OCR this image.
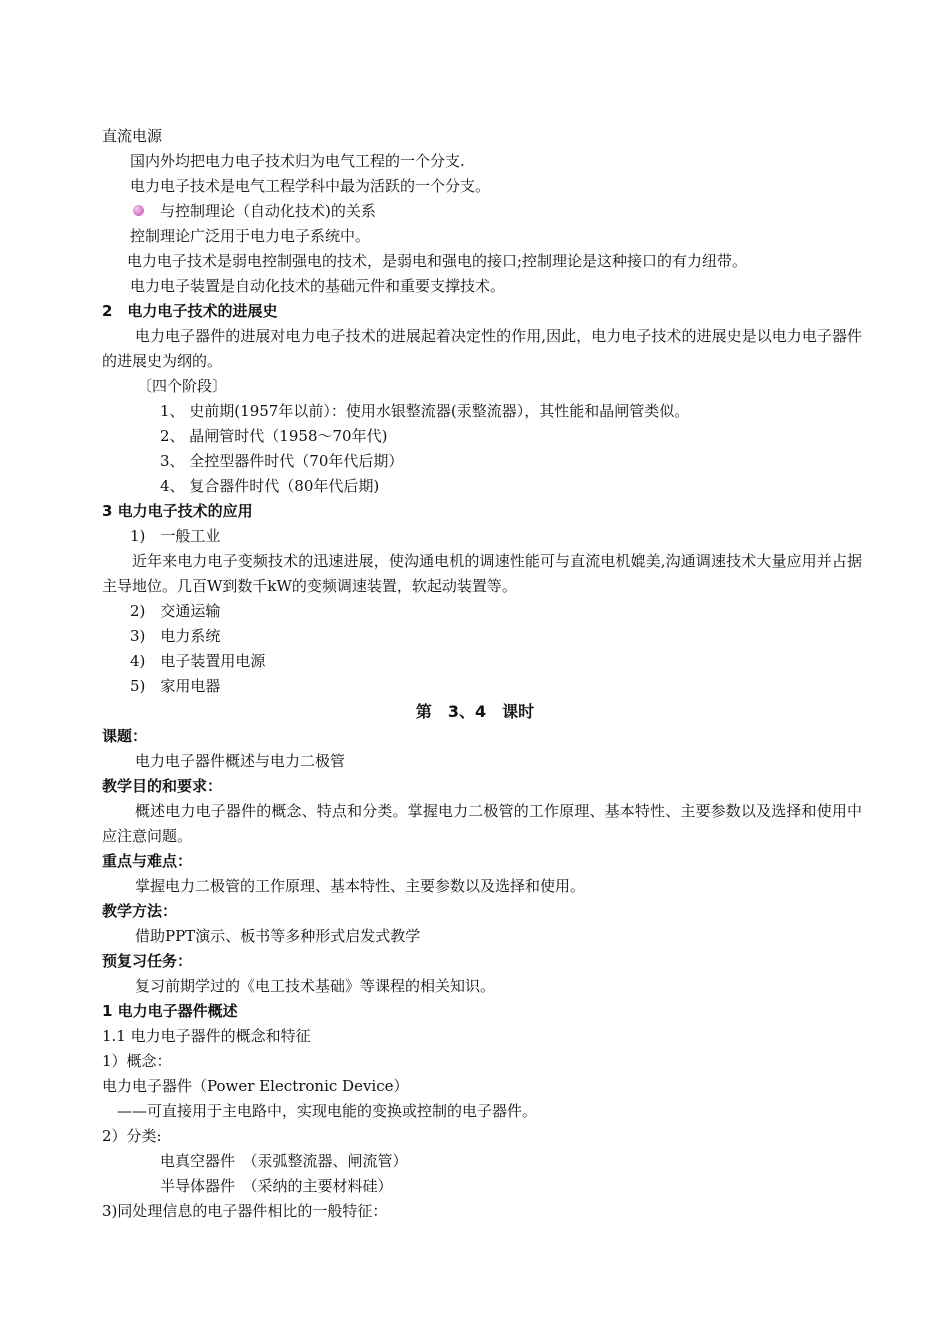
直流电源
国内外均把电力电子技术归为电气工程的一个分支.
电力电子技术是电气工程学科中最为活跃的一个分支。
与控制理论（自动化技术)的关系
控制理论广泛用于电力电子系统中。
电力电子技术是弱电控制强电的技术，是弱电和强电的接口;控制理论是这种接口的有力纽带。
电力电子装置是自动化技术的基础元件和重要支撑技术。
2　电力电子技术的进展史
电力电子器件的进展对电力电子技术的进展起着决定性的作用,因此，电力电子技术的进展史是以电力电子器件的进展史为纲的。
〔四个阶段〕
1、 史前期(1957年以前）：使用水银整流器(汞整流器），其性能和晶闸管类似。
2、 晶闸管时代（1958～70年代)
3、 全控型器件时代（70年代后期）
4、 复合器件时代（80年代后期)
3 电力电子技术的应用
1)　一般工业
近年来电力电子变频技术的迅速进展，使沟通电机的调速性能可与直流电机媲美,沟通调速技术大量应用并占据主导地位。几百W到数千kW的变频调速装置，软起动装置等。
2)　交通运输
3)　电力系统
4)　电子装置用电源
5)　家用电器
第　3、4　课时
课题：
电力电子器件概述与电力二极管
教学目的和要求：
概述电力电子器件的概念、特点和分类。掌握电力二极管的工作原理、基本特性、主要参数以及选择和使用中应注意问题。
重点与难点：
掌握电力二极管的工作原理、基本特性、主要参数以及选择和使用。
教学方法：
借助PPT演示、板书等多种形式启发式教学
预复习任务：
复习前期学过的《电工技术基础》等课程的相关知识。
1 电力电子器件概述
1.1 电力电子器件的概念和特征
1）概念：
电力电子器件（Power Electronic Device）
——可直接用于主电路中，实现电能的变换或控制的电子器件。
2）分类:
电真空器件　（汞弧整流器、闸流管）
半导体器件　（采纳的主要材料硅）
3)同处理信息的电子器件相比的一般特征：
